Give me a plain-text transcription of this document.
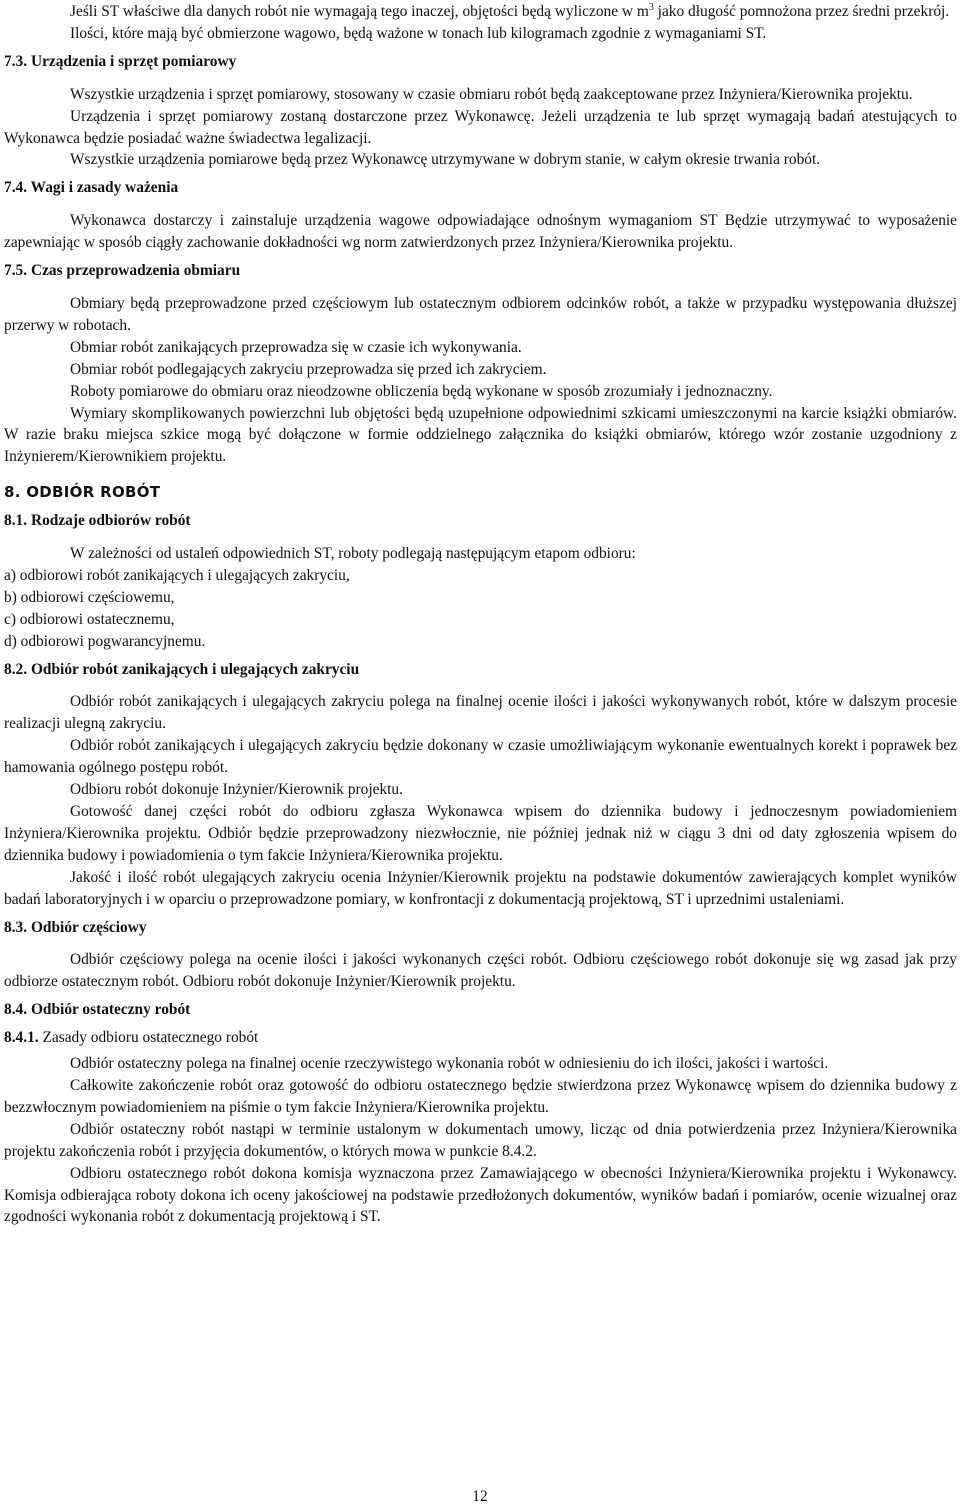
Jeśli ST właściwe dla danych robót nie wymagają tego inaczej, objętości będą wyliczone w $m^3$ jako długość pomnożona przez średni przekrój.

Ilości, które mają być obmierzone wagowo, będą ważone w tonach lub kilogramach zgodnie z wymaganiami ST.

7.3. Urządzenia i sprzęt pomiarowy

Wszystkie urządzenia i sprzęt pomiarowy, stosowany w czasie obmiaru robót będą zaakceptowane przez Inżyniera/Kierownika projektu.

Urządzenia i sprzęt pomiarowy zostaną dostarczone przez Wykonawcę. Jeżeli urządzenia te lub sprzęt wymagają badań atestujących to Wykonawca będzie posiadać ważne świadectwa legalizacji.

Wszystkie urządzenia pomiarowe będą przez Wykonawcę utrzymywane w dobrym stanie, w całym okresie trwania robót.

7.4. Wagi i zasady ważenia

Wykonawca dostarczy i zainstaluje urządzenia wagowe odpowiadające odnośnym wymaganiom ST Będzie utrzymywać to wyposażenie zapewniając w sposób ciągły zachowanie dokładności wg norm zatwierdzonych przez Inżyniera/Kierownika projektu.

7.5. Czas przeprowadzenia obmiaru

Obmiary będą przeprowadzone przed częściowym lub ostatecznym odbiorem odcinków robót, a także w przypadku występowania dłuższej przerwy w robotach.

Obmiar robót zanikających przeprowadza się w czasie ich wykonywania.

Obmiar robót podlegających zakryciu przeprowadza się przed ich zakryciem.

Roboty pomiarowe do obmiaru oraz nieodzowne obliczenia będą wykonane w sposób zrozumiały i jednoznaczny.

Wymiary skomplikowanych powierzchni lub objętości będą uzupełnione odpowiednimi szkicami umieszczonymi na karcie książki obmiarów. W razie braku miejsca szkice mogą być dołączone w formie oddzielnego załącznika do książki obmiarów, którego wzór zostanie uzgodniony z Inżynierem/Kierownikiem projektu.

8. ODBIÓR ROBÓT
8.1. Rodzaje odbiorów robót

W zależności od ustaleń odpowiednich ST, roboty podlegają następującym etapom odbioru:

a) odbiorowi robót zanikających i ulegających zakryciu,
b) odbiorowi częściowemu,
c) odbiorowi ostatecznemu,
d) odbiorowi pogwarancyjnemu.
8.2. Odbiór robót zanikających i ulegających zakryciu

Odbiór robót zanikających i ulegających zakryciu polega na finalnej ocenie ilości i jakości wykonywanych robót, które w dalszym procesie realizacji ulegną zakryciu.

Odbiór robót zanikających i ulegających zakryciu będzie dokonany w czasie umożliwiającym wykonanie ewentualnych korekt i poprawek bez hamowania ogólnego postępu robót.

Odbioru robót dokonuje Inżynier/Kierownik projektu.

Gotowość danej części robót do odbioru zgłasza Wykonawca wpisem do dziennika budowy i jednoczesnym powiadomieniem Inżyniera/Kierownika projektu. Odbiór będzie przeprowadzony niezwłocznie, nie później jednak niż w ciągu 3 dni od daty zgłoszenia wpisem do dziennika budowy i powiadomienia o tym fakcie Inżyniera/Kierownika projektu.

Jakość i ilość robót ulegających zakryciu ocenia Inżynier/Kierownik projektu na podstawie dokumentów zawierających komplet wyników badań laboratoryjnych i w oparciu o przeprowadzone pomiary, w konfrontacji z dokumentacją projektową, ST i uprzednimi ustaleniami.

8.3. Odbiór częściowy

Odbiór częściowy polega na ocenie ilości i jakości wykonanych części robót. Odbioru częściowego robót dokonuje się wg zasad jak przy odbiorze ostatecznym robót. Odbioru robót dokonuje Inżynier/Kierownik projektu.

8.4. Odbiór ostateczny robót
8.4.1. Zasady odbioru ostatecznego robót

Odbiór ostateczny polega na finalnej ocenie rzeczywistego wykonania robót w odniesieniu do ich ilości, jakości i wartości.

Całkowite zakończenie robót oraz gotowość do odbioru ostatecznego będzie stwierdzona przez Wykonawcę wpisem do dziennika budowy z bezzwłocznym powiadomieniem na piśmie o tym fakcie Inżyniera/Kierownika projektu.

Odbiór ostateczny robót nastąpi w terminie ustalonym w dokumentach umowy, licząc od dnia potwierdzenia przez Inżyniera/Kierownika projektu zakończenia robót i przyjęcia dokumentów, o których mowa w punkcie 8.4.2.

Odbioru ostatecznego robót dokona komisja wyznaczona przez Zamawiającego w obecności Inżyniera/Kierownika projektu i Wykonawcy. Komisja odbierająca roboty dokona ich oceny jakościowej na podstawie przedłożonych dokumentów, wyników badań i pomiarów, ocenie wizualnej oraz zgodności wykonania robót z dokumentacją projektową i ST.

12
